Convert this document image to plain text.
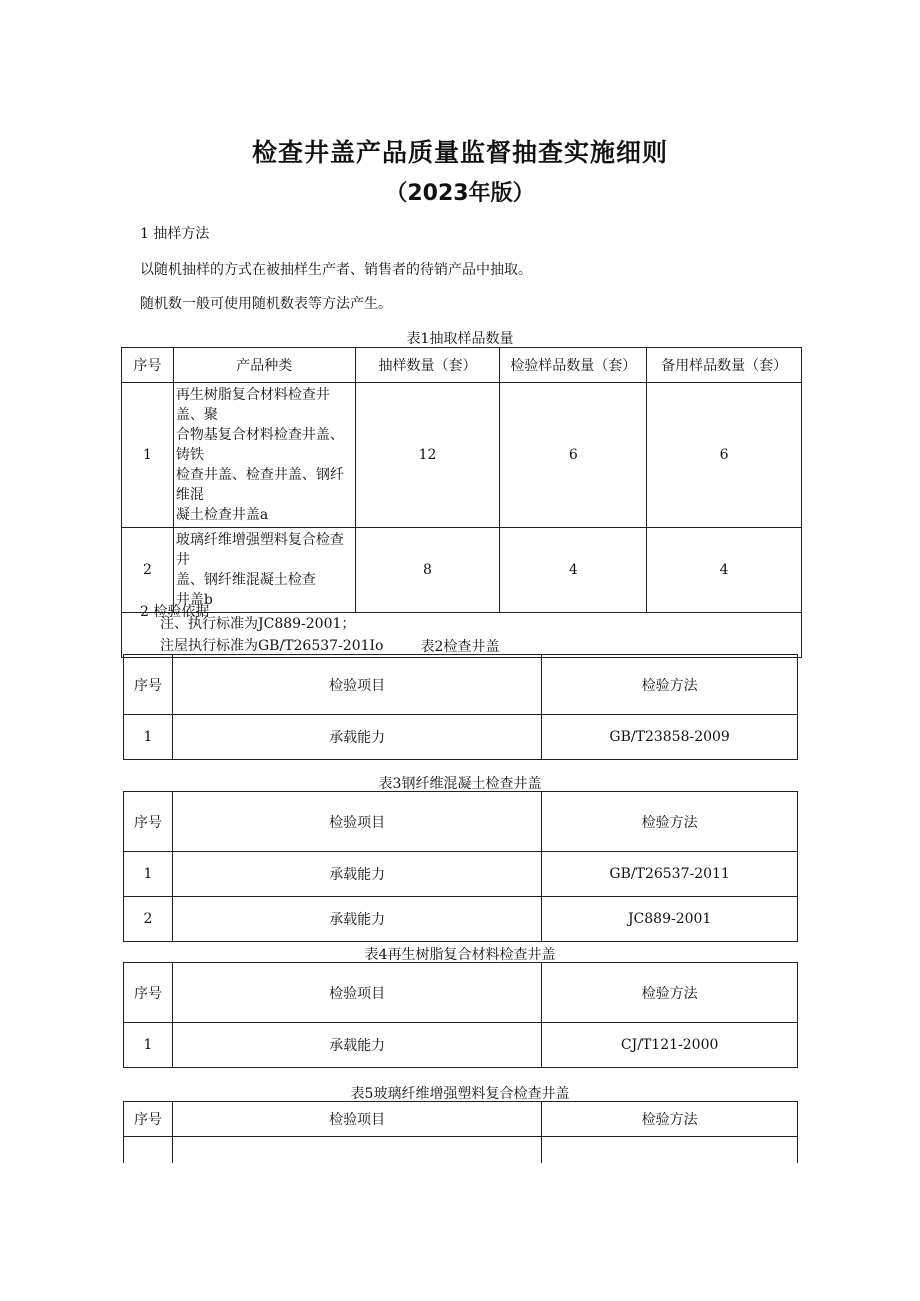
检查井盖产品质量监督抽查实施细则
（2023年版）
1 抽样方法
以随机抽样的方式在被抽样生产者、销售者的待销产品中抽取。
随机数一般可使用随机数表等方法产生。
表1抽取样品数量
序号	产品种类	抽样数量（套）	检验样品数量（套）	备用样品数量（套）
1	再生树脂复合材料检查井盖、聚
合物基复合材料检查井盖、铸铁
检查井盖、检查井盖、钢纤维混
凝土检查井盖a	12	6	6
2	玻璃纤维增强塑料复合检查井
盖、钢纤维混凝土检查
井盖b	8	4	4

注、执行标准为JC889-2001；
注屋执行标准为GB/T26537-201Io				
2 检验依据
表2检查井盖
序号	检验项目	检验方法
1	承载能力	GB/T23858-2009
表3钢纤维混凝土检查井盖
序号	检验项目	检验方法
1	承载能力	GB/T26537-2011
2	承载能力	JC889-2001
表4再生树脂复合材料检查井盖
序号	检验项目	检验方法
1	承载能力	CJ/T121-2000
表5玻璃纤维增强塑料复合检查井盖
序号	检验项目	检验方法
